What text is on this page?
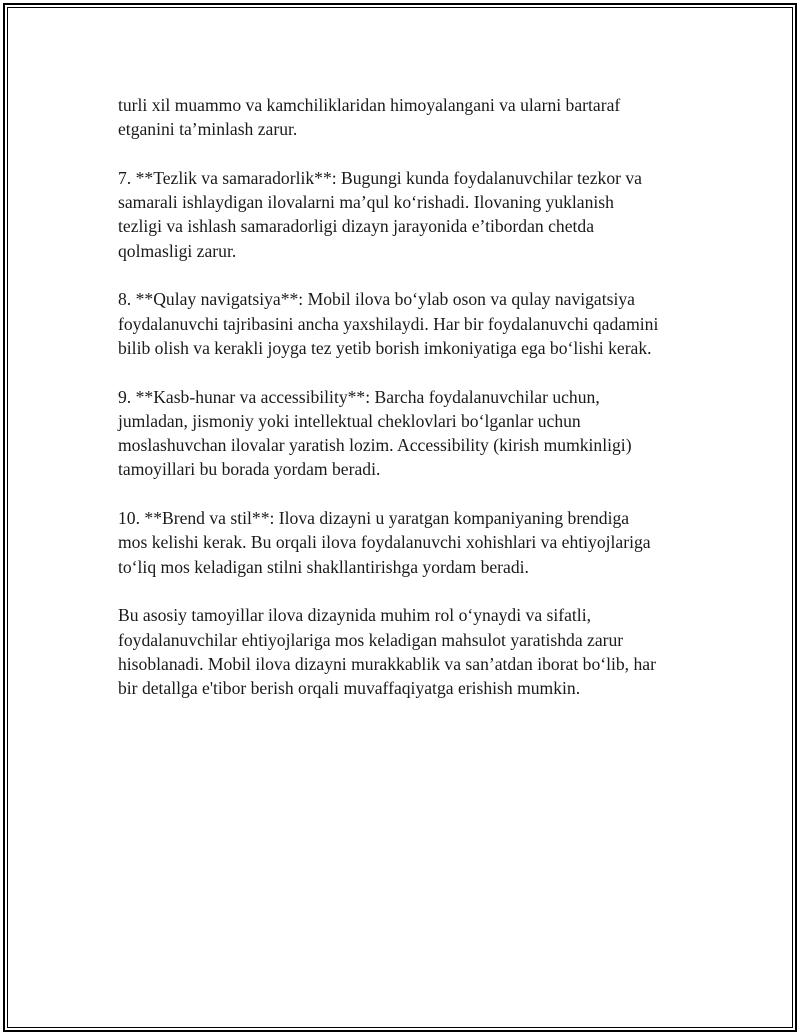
turli xil muammo va kamchiliklaridan himoyalangani va ularni bartaraf
etganini ta’minlash zarur.

7. **Tezlik va samaradorlik**: Bugungi kunda foydalanuvchilar tezkor va
samarali ishlaydigan ilovalarni ma’qul koʻrishadi. Ilovaning yuklanish
tezligi va ishlash samaradorligi dizayn jarayonida e’tibordan chetda
qolmasligi zarur.

8. **Qulay navigatsiya**: Mobil ilova boʻylab oson va qulay navigatsiya
foydalanuvchi tajribasini ancha yaxshilaydi. Har bir foydalanuvchi qadamini
bilib olish va kerakli joyga tez yetib borish imkoniyatiga ega boʻlishi kerak.

9. **Kasb-hunar va accessibility**: Barcha foydalanuvchilar uchun,
jumladan, jismoniy yoki intellektual cheklovlari boʻlganlar uchun
moslashuvchan ilovalar yaratish lozim. Accessibility (kirish mumkinligi)
tamoyillari bu borada yordam beradi.

10. **Brend va stil**: Ilova dizayni u yaratgan kompaniyaning brendiga
mos kelishi kerak. Bu orqali ilova foydalanuvchi xohishlari va ehtiyojlariga
toʻliq mos keladigan stilni shakllantirishga yordam beradi.

Bu asosiy tamoyillar ilova dizaynida muhim rol oʻynaydi va sifatli,
foydalanuvchilar ehtiyojlariga mos keladigan mahsulot yaratishda zarur
hisoblanadi. Mobil ilova dizayni murakkablik va san’atdan iborat boʻlib, har
bir detallga e'tibor berish orqali muvaffaqiyatga erishish mumkin.
